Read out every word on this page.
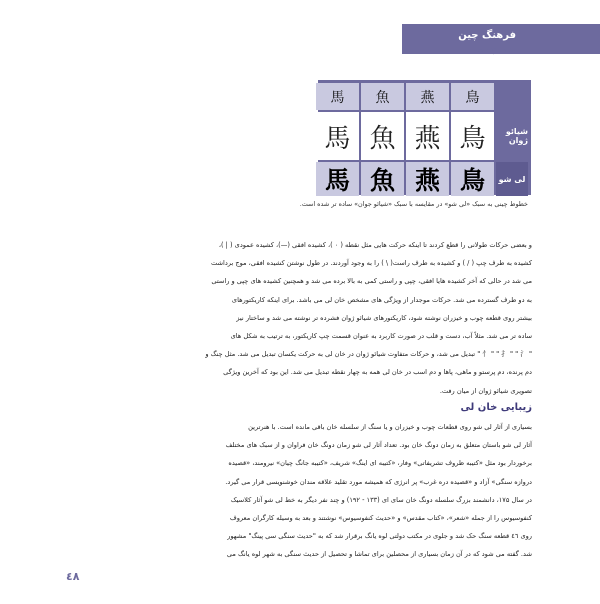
فرهنگ چین
خط چینی
鳥
燕
魚
馬
شیائو ژوان
鳥
燕
魚
馬
لی شو
鳥
燕
魚
馬
خطوط چینی به سبک «لی شو» در مقایسه با سبک «شیائو جوان» ساده تر شده است.

و بعضی حرکات طولانی را قطع کردند تا اینکه حرکت هایی مثل نقطه ( ۰ )، کشیده افقی (—)، کشیده عمودی ( | )،

کشیده به طرف چپ ( / ) و کشیده به طرف راست( \ ) را به وجود آوردند. در طول نوشتن کشیده افقی، موج برداشت

می شد در حالی که آخر کشیده هایا افقی، چپی و راستی کمی به بالا برده می شد و همچنین کشیده های چپی و راستی

به دو طرف گسترده می شد. حرکات موجدار از ویژگی های مشخص خان لی می باشد. برای اینکه کاریکتورهای

بیشتر روی قطعه چوب و خیزران نوشته شود، کاریکتورهای شیائو ژوان فشرده تر نوشته می شد و ساختار نیز

ساده تر می شد. مثلاً آب، دست و قلب در صورت کاربرد به عنوان قسمت چپ کاریکتور، به ترتیب به شکل های

" 忄 " " 扌 " " 氵 " تبدیل می شد، و حرکات متفاوت شیائو ژوان در خان لی به حرکت یکسان تبدیل می شد. مثل چنگ و

دم پرنده، دم پرستو و ماهی، پاها و دم اسب در خان لی همه به چهار نقطه تبدیل می شد. این بود که آخرین ویژگی

تصویری شیائو ژوان از میان رفت.

زیبایی خان لی

بسیاری از آثار لی شو روی قطعات چوب و خیزران و یا سنگ از سلسله خان باقی مانده است. با هنرترین

آثار لی شو باستان متعلق به زمان دونگ خان بود. تعداد آثار لی شو زمان دونگ خان فراوان و از سبک های مختلف

برخوردار بود مثل «کتیبه ظروف تشریفاتی» وفار، «کتیبه ای اینگ» شریف، «کتیبه جانگ چیان» نیرومند، «قصیده

دروازه سنگی» آزاد و «قصیده دره غرب» پر انرژی که همیشه مورد تقلید علاقه مندان خوشنویسی قرار می گیرد.

در سال ۱۷۵، دانشمند بزرگ سلسله دونگ خان سای ای (۱۳۳ - ۱۹۲) و چند نفر دیگر به خط لی شو آثار کلاسیک

کنفوسیوس را از جمله «شعر»، «کتاب مقدس» و «حدیث کنفوسیوس» نوشتند و بعد به وسیله کارگران معروف

روی ٤٦ قطعه سنگ حک شد و جلوی در مکتب دولتی لوه یانگ برقرار شد که به "حدیث سنگی سی پینگ" مشهور

شد. گفته می شود که در آن زمان بسیاری از محصلین برای تماشا و تحصیل از حدیث سنگی به شهر لوه یانگ می

٤٨
